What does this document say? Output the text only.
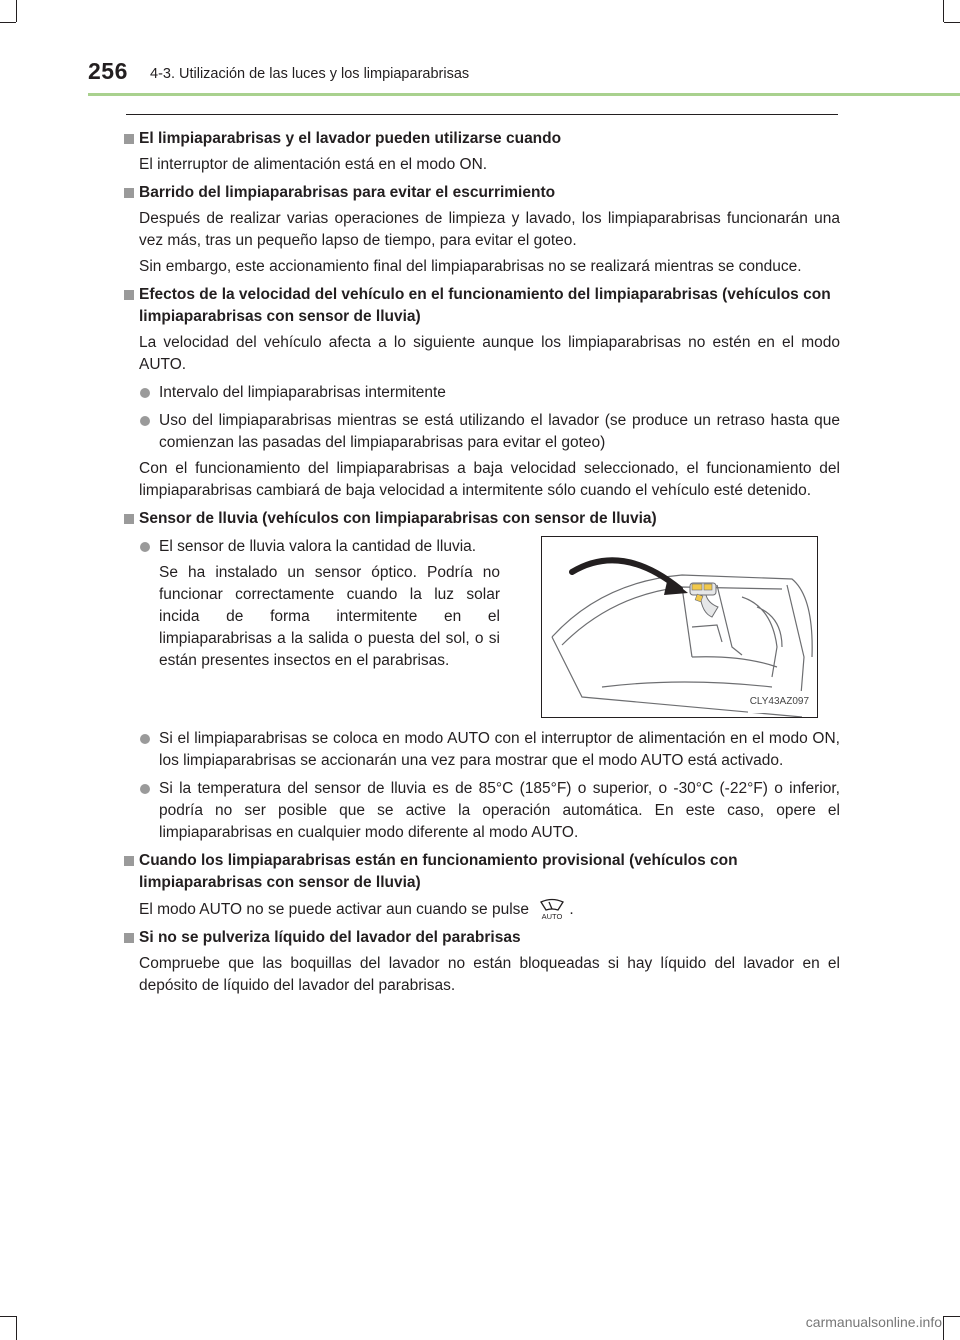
256 4-3. Utilización de las luces y los limpiaparabrisas
El limpiaparabrisas y el lavador pueden utilizarse cuando
El interruptor de alimentación está en el modo ON.
Barrido del limpiaparabrisas para evitar el escurrimiento
Después de realizar varias operaciones de limpieza y lavado, los limpiaparabrisas funcionarán una vez más, tras un pequeño lapso de tiempo, para evitar el goteo.
Sin embargo, este accionamiento final del limpiaparabrisas no se realizará mientras se conduce.
Efectos de la velocidad del vehículo en el funcionamiento del limpiaparabrisas (vehículos con limpiaparabrisas con sensor de lluvia)
La velocidad del vehículo afecta a lo siguiente aunque los limpiaparabrisas no estén en el modo AUTO.
Intervalo del limpiaparabrisas intermitente
Uso del limpiaparabrisas mientras se está utilizando el lavador (se produce un retraso hasta que comienzan las pasadas del limpiaparabrisas para evitar el goteo)
Con el funcionamiento del limpiaparabrisas a baja velocidad seleccionado, el funcionamiento del limpiaparabrisas cambiará de baja velocidad a intermitente sólo cuando el vehículo esté detenido.
Sensor de lluvia (vehículos con limpiaparabrisas con sensor de lluvia)
El sensor de lluvia valora la cantidad de lluvia.
Se ha instalado un sensor óptico. Podría no funcionar correctamente cuando la luz solar incida de forma intermitente en el limpiaparabrisas a la salida o puesta del sol, o si están presentes insectos en el parabrisas.
CLY43AZ097
Si el limpiaparabrisas se coloca en modo AUTO con el interruptor de alimentación en el modo ON, los limpiaparabrisas se accionarán una vez para mostrar que el modo AUTO está activado.
Si la temperatura del sensor de lluvia es de 85°C (185°F) o superior, o -30°C (-22°F) o inferior, podría no ser posible que se active la operación automática. En este caso, opere el limpiaparabrisas en cualquier modo diferente al modo AUTO.
Cuando los limpiaparabrisas están en funcionamiento provisional (vehículos con limpiaparabrisas con sensor de lluvia)
El modo AUTO no se puede activar aun cuando se pulse AUTO .
Si no se pulveriza líquido del lavador del parabrisas
Compruebe que las boquillas del lavador no están bloqueadas si hay líquido del lavador en el depósito de líquido del lavador del parabrisas.
carmanualsonline.info
